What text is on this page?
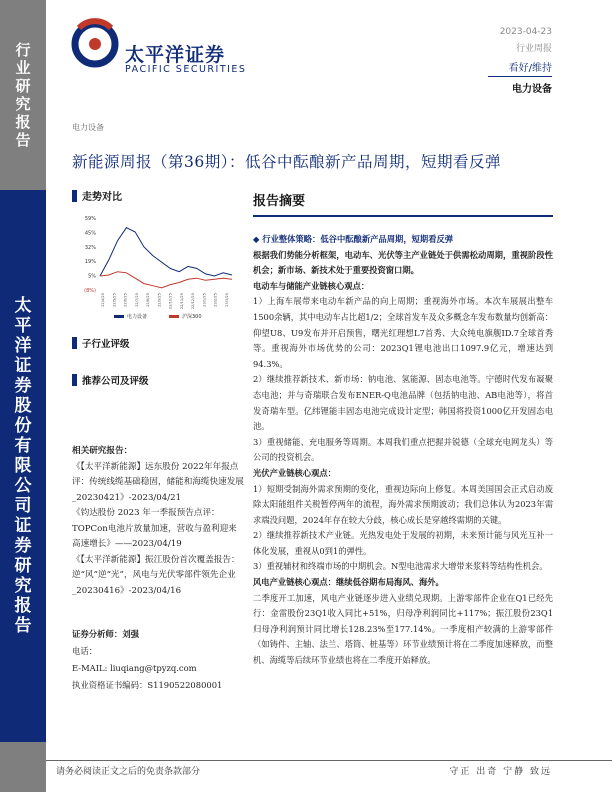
行业研究报告
太平洋证券股份有限公司证券研究报告
太平洋证券
PACIFIC SECURITIES
2023-04-23
行业周报
看好/维持
电力设备
电力设备
新能源周报（第36期）：低谷中酝酿新产品周期，短期看反弹
走势对比
59%
45%
32%
19%
5%
(8%)
22/4/25 22/5/25 22/6/25 22/7/25 22/8/25 22/9/25 22/10/25 22/11/25 22/12/25 23/1/25 23/2/25 23/3/25
电力设备	沪深300
子行业评级
推荐公司及评级
相关研究报告：
《【太平洋新能源】远东股份 2022年年报点评：传统线缆基础稳固，储能和海缆快速发展_20230421》-2023/04/21
《钧达股份 2023 年一季报预告点评：TOPCon电池片放量加速，营收与盈利迎来高速增长》——2023/04/19
《【太平洋新能源】振江股份首次覆盖报告：逆“风”逆“光”，风电与光伏零部件领先企业_20230416》-2023/04/16
证券分析师：刘强
电话：
E-MAIL: liuqiang@tpyzq.com
执业资格证书编码：S1190522080001
报告摘要

◆ 行业整体策略：低谷中酝酿新产品周期，短期看反弹

根据我们势能分析框架，电动车、光伏等主产业链处于供需松动周期，重视阶段性机会；新市场、新技术处于重要投资窗口期。

电动车与储能产业链核心观点：

1）上海车展带来电动车新产品的向上周期；重视海外市场。本次车展展出整车1500余辆，其中电动车占比超1/2；全球首发车及众多概念车发布数量均创新高：仰望U8、U9发布并开启预售，曙光红理想L7首秀、大众纯电旗舰ID.7全球首秀等。重视海外市场优势的公司：2023Q1锂电池出口1097.9亿元，增速达到94.3%。

2）继续推荐新技术、新市场：钠电池、氢能源、固态电池等。宁德时代发布凝聚态电池；并与奇瑞联合发布ENER-Q电池品牌（包括钠电池、AB电池等），将首发奇瑞车型。亿纬锂能丰固态电池完成设计定型；韩国将投资1000亿开发固态电池。

3）重视储能、充电服务等周期。本周我们重点把握并锐德（全球充电网龙头）等公司的投资机会。

光伏产业链核心观点：

1）短期受制海外需求预期的变化，重视边际向上修复。本周美国国会正式启动废除太阳能组件关税暂停两年的流程，海外需求预期波动；我们总体认为2023年需求端没问题，2024年存在较大分歧，核心成长是穿越终需期的关键。

2）继续推荐新技术产业链。光热发电处于发展的初期，未来预计能与风光互补一体化发展，重视从0到1的弹性。

3）重视辅材和终端市场的中期机会。N型电池需求大增带来浆料等结构性机会。

风电产业链核心观点：继续低谷期布局海风、海外。

二季度开工加速，风电产业链逐步进入业绩兑现期。上游零部件企业在Q1已经先行：金雷股份23Q1收入同比+51%，归母净利润同比+117%；振江股份23Q1归母净利润预计同比增长128.23%至177.14%。一季度相产较满的上游零部件（如铸件、主轴、法兰、塔筒、桩基等）环节业绩预计将在二季度加速释放，而整机、海缆等后续环节业绩也将在二季度开始释放。

请务必阅读正文之后的免责条款部分	守正 出奇 宁静 致远
